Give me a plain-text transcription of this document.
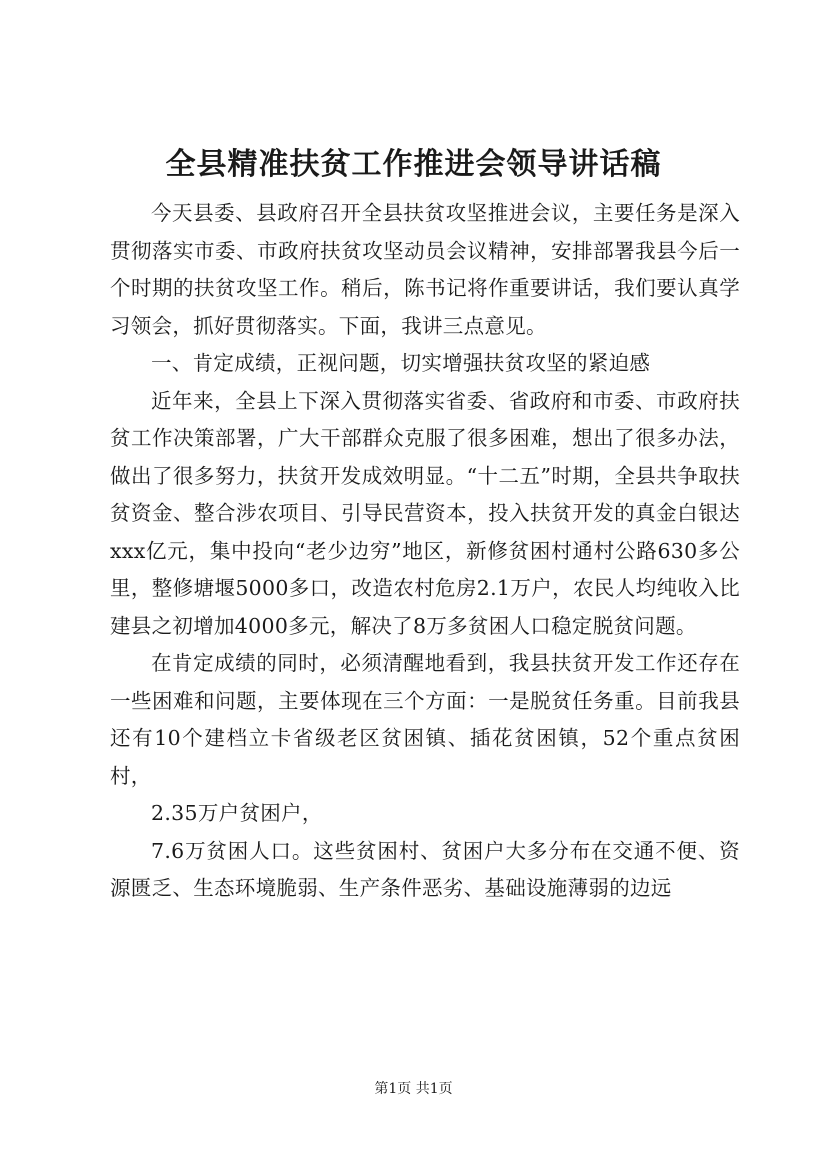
全县精准扶贫工作推进会领导讲话稿

今天县委、县政府召开全县扶贫攻坚推进会议，主要任务是深入贯彻落实市委、市政府扶贫攻坚动员会议精神，安排部署我县今后一个时期的扶贫攻坚工作。稍后，陈书记将作重要讲话，我们要认真学习领会，抓好贯彻落实。下面，我讲三点意见。

一、肯定成绩，正视问题，切实增强扶贫攻坚的紧迫感

近年来，全县上下深入贯彻落实省委、省政府和市委、市政府扶贫工作决策部署，广大干部群众克服了很多困难，想出了很多办法，做出了很多努力，扶贫开发成效明显。“十二五”时期，全县共争取扶贫资金、整合涉农项目、引导民营资本，投入扶贫开发的真金白银达xxx亿元，集中投向“老少边穷”地区，新修贫困村通村公路630多公里，整修塘堰5000多口，改造农村危房2.1万户，农民人均纯收入比建县之初增加4000多元，解决了8万多贫困人口稳定脱贫问题。

在肯定成绩的同时，必须清醒地看到，我县扶贫开发工作还存在一些困难和问题，主要体现在三个方面：一是脱贫任务重。目前我县还有10个建档立卡省级老区贫困镇、插花贫困镇，52个重点贫困村，

2.35万户贫困户，

7.6万贫困人口。这些贫困村、贫困户大多分布在交通不便、资源匮乏、生态环境脆弱、生产条件恶劣、基础设施薄弱的边远

第1页 共1页
